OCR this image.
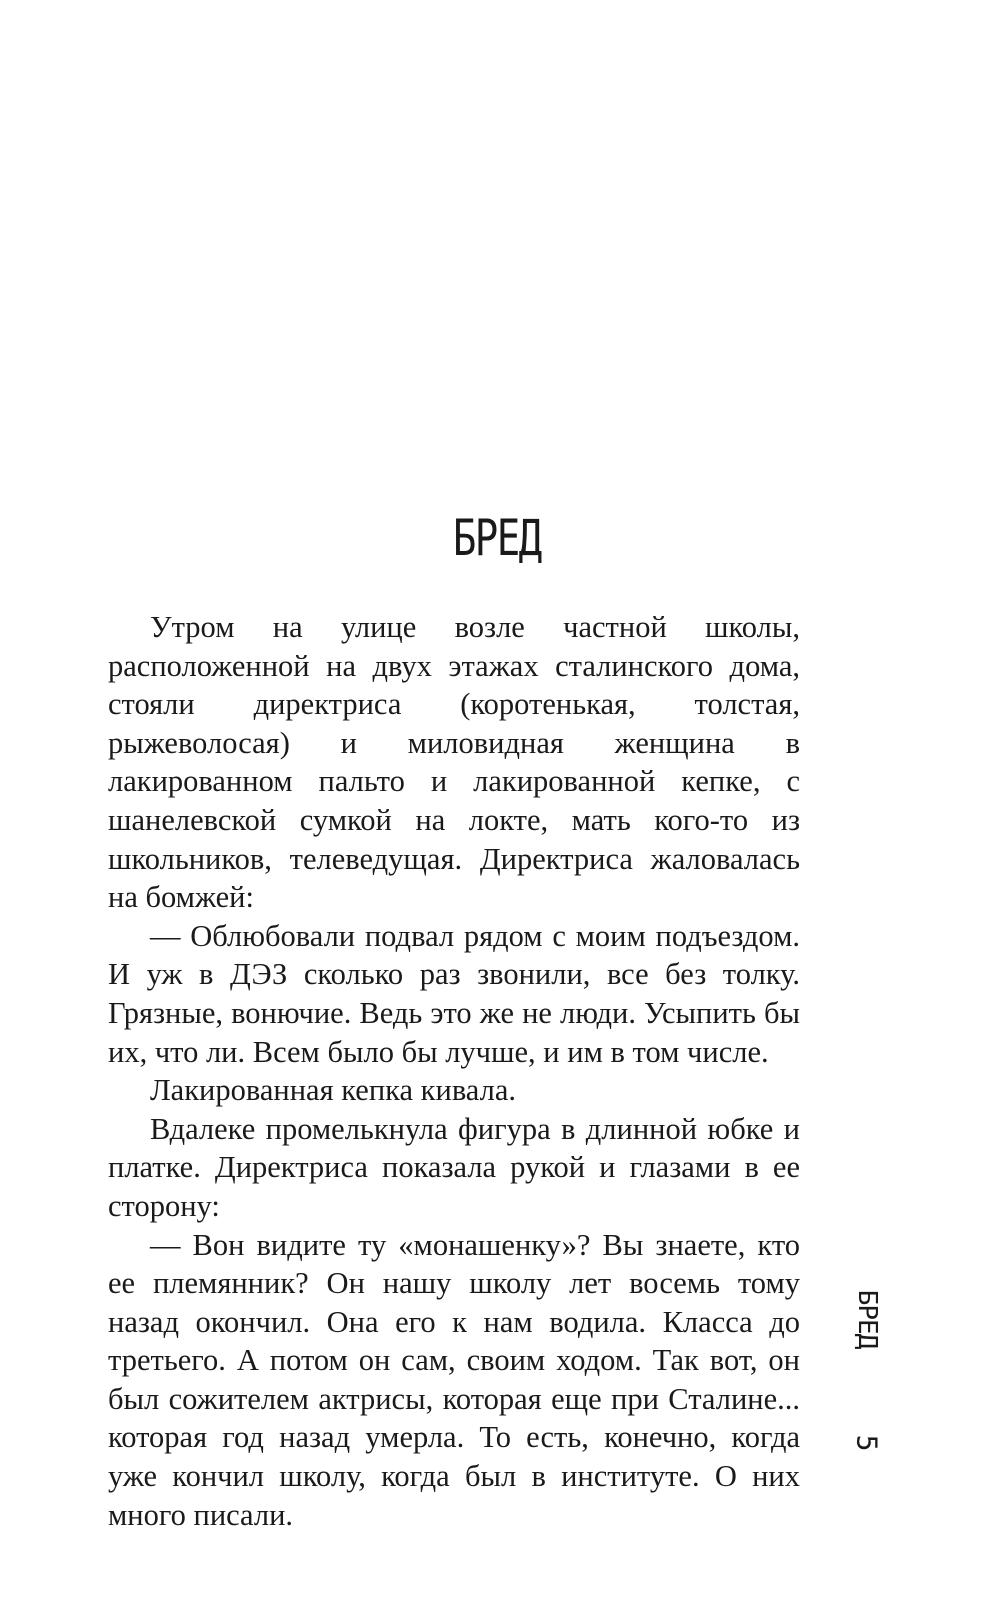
БРЕД

Утром на улице возле частной школы, расположенной на двух этажах сталинского дома, стояли директриса (коротенькая, толстая, рыжеволосая) и миловидная женщина в лакированном пальто и лакированной кепке, с шанелевской сумкой на локте, мать кого-то из школьников, телеведущая. Директриса жаловалась на бомжей:

— Облюбовали подвал рядом с моим подъездом. И уж в ДЭЗ сколько раз звонили, все без толку. Грязные, вонючие. Ведь это же не люди. Усыпить бы их, что ли. Всем было бы лучше, и им в том числе.

Лакированная кепка кивала.

Вдалеке промелькнула фигура в длинной юбке и платке. Директриса показала рукой и глазами в ее сторону:

— Вон видите ту «монашенку»? Вы знаете, кто ее племянник? Он нашу школу лет восемь тому назад окончил. Она его к нам водила. Класса до третьего. А потом он сам, своим ходом. Так вот, он был сожителем актрисы, которая еще при Сталине... которая год назад умерла. То есть, конечно, когда уже кончил школу, когда был в институте. О них много писали.

БРЕД
5
